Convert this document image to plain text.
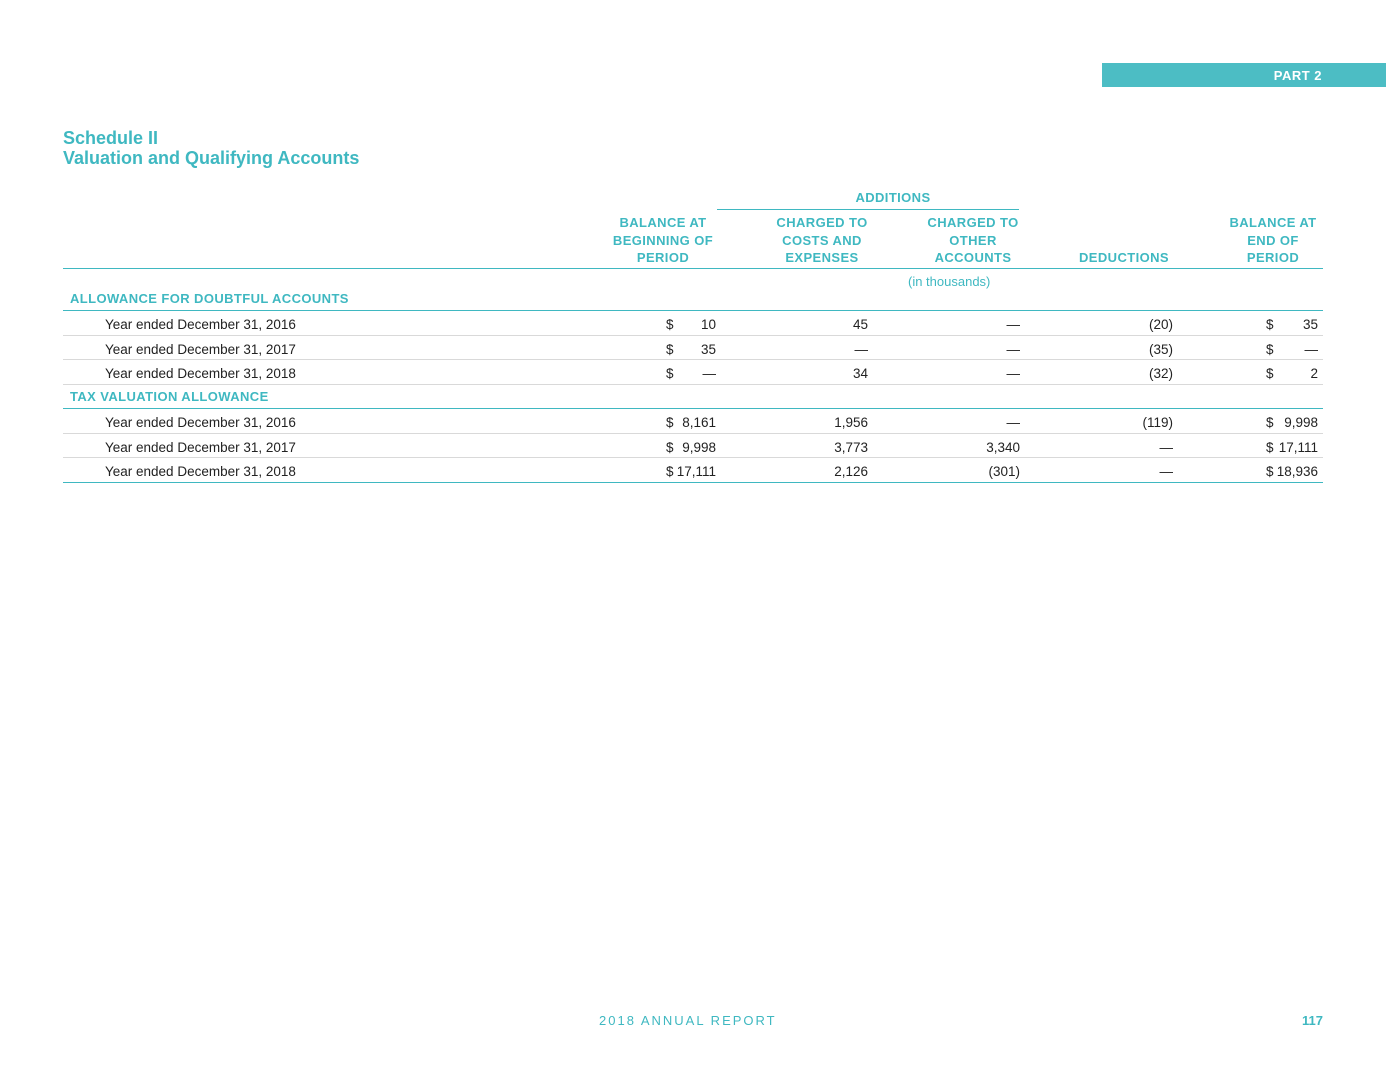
PART 2
Schedule II
Valuation and Qualifying Accounts
ADDITIONS
BALANCE AT
BEGINNING OF
PERIOD
CHARGED TO
COSTS AND
EXPENSES
CHARGED TO
OTHER
ACCOUNTS

	DEDUCTIONS
BALANCE AT
END OF
PERIOD
(in thousands)
ALLOWANCE FOR DOUBTFUL ACCOUNTS
Year ended December 31, 2016	$	10	45	—	(20)	$	35
Year ended December 31, 2017	$	35	—	—	(35)	$	—
Year ended December 31, 2018	$	—	34	—	(32)	$	2
TAX VALUATION ALLOWANCE
Year ended December 31, 2016	$ 8,161	1,956	—	(119)	$ 9,998
Year ended December 31, 2017	$ 9,998	3,773	3,340	—	$ 17,111
Year ended December 31, 2018	$ 17,111	2,126	(301)	—	$ 18,936
2018 ANNUAL REPORT	117
